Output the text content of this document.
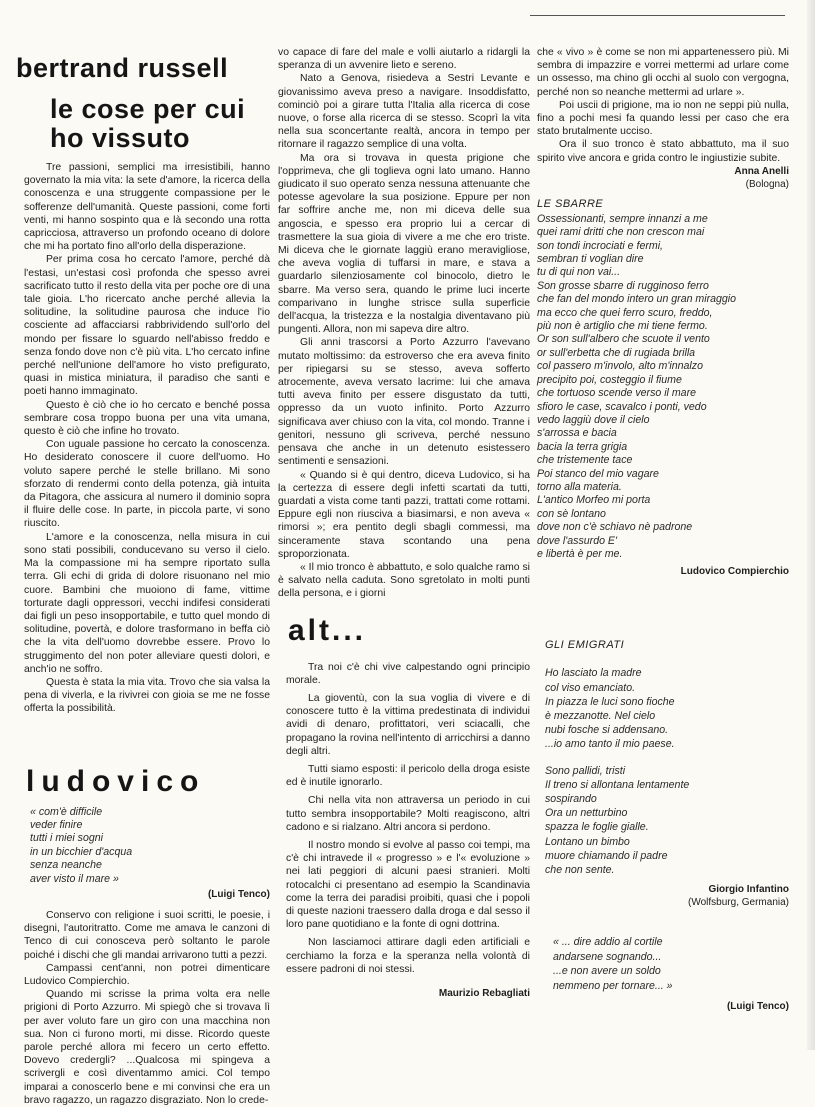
bertrand russell
le cose per cui
ho vissuto

Tre passioni, semplici ma irresistibili, hanno governato la mia vita: la sete d'amore, la ricerca della conoscenza e una struggente compassione per le sofferenze dell'umanità. Queste passioni, come forti venti, mi hanno sospinto qua e là secondo una rotta capricciosa, attraverso un profondo oceano di dolore che mi ha portato fino all'orlo della disperazione.

Per prima cosa ho cercato l'amore, perché dà l'estasi, un'estasi così profonda che spesso avrei sacrificato tutto il resto della vita per poche ore di una tale gioia. L'ho ricercato anche perché allevia la solitudine, la solitudine paurosa che induce l'io cosciente ad affacciarsi rabbrividendo sull'orlo del mondo per fissare lo sguardo nell'abisso freddo e senza fondo dove non c'è più vita. L'ho cercato infine perché nell'unione dell'amore ho visto prefigurato, quasi in mistica miniatura, il paradiso che santi e poeti hanno immaginato.

Questo è ciò che io ho cercato e benché possa sembrare cosa troppo buona per una vita umana, questo è ciò che infine ho trovato.

Con uguale passione ho cercato la conoscenza. Ho desiderato conoscere il cuore dell'uomo. Ho voluto sapere perché le stelle brillano. Mi sono sforzato di rendermi conto della potenza, già intuita da Pitagora, che assicura al numero il dominio sopra il fluire delle cose. In parte, in piccola parte, vi sono riuscito.

L'amore e la conoscenza, nella misura in cui sono stati possibili, conducevano su verso il cielo. Ma la compassione mi ha sempre riportato sulla terra. Gli echi di grida di dolore risuonano nel mio cuore. Bambini che muoiono di fame, vittime torturate dagli oppressori, vecchi indifesi considerati dai figli un peso insopportabile, e tutto quel mondo di solitudine, povertà, e dolore trasformano in beffa ciò che la vita dell'uomo dovrebbe essere. Provo lo struggimento del non poter alleviare questi dolori, e anch'io ne soffro.

Questa è stata la mia vita. Trovo che sia valsa la pena di viverla, e la rivivrei con gioia se me ne fosse offerta la possibilità.

ludovico
« com'è difficile
veder finire
tutti i miei sogni
in un bicchier d'acqua
senza neanche
aver visto il mare »
(Luigi Tenco)

Conservo con religione i suoi scritti, le poesie, i disegni, l'autoritratto. Come me amava le canzoni di Tenco di cui conosceva però soltanto le parole poiché i dischi che gli mandai arrivarono tutti a pezzi.

Campassi cent'anni, non potrei dimenticare Ludovico Compierchio.

Quando mi scrisse la prima volta era nelle prigioni di Porto Azzurro. Mi spiegò che si trovava lì per aver voluto fare un giro con una macchina non sua. Non ci furono morti, mi disse. Ricordo queste parole perché allora mi fecero un certo effetto. Dovevo credergli? ...Qualcosa mi spingeva a scrivergli e così diventammo amici. Col tempo imparai a conoscerlo bene e mi convinsi che era un bravo ragazzo, un ragazzo disgraziato. Non lo crede-

vo capace di fare del male e volli aiutarlo a ridargli la speranza di un avvenire lieto e sereno.

Nato a Genova, risiedeva a Sestri Levante e giovanissimo aveva preso a navigare. Insoddisfatto, cominciò poi a girare tutta l'Italia alla ricerca di cose nuove, o forse alla ricerca di se stesso. Scoprì la vita nella sua sconcertante realtà, ancora in tempo per ritornare il ragazzo semplice di una volta.

Ma ora si trovava in questa prigione che l'opprimeva, che gli toglieva ogni lato umano. Hanno giudicato il suo operato senza nessuna attenuante che potesse agevolare la sua posizione. Eppure per non far soffrire anche me, non mi diceva delle sua angoscia, e spesso era proprio lui a cercar di trasmettere la sua gioia di vivere a me che ero triste. Mi diceva che le giornate laggiù erano meravigliose, che aveva voglia di tuffarsi in mare, e stava a guardarlo silenziosamente col binocolo, dietro le sbarre. Ma verso sera, quando le prime luci incerte comparivano in lunghe strisce sulla superficie dell'acqua, la tristezza e la nostalgia diventavano più pungenti. Allora, non mi sapeva dire altro.

Gli anni trascorsi a Porto Azzurro l'avevano mutato moltissimo: da estroverso che era aveva finito per ripiegarsi su se stesso, aveva sofferto atrocemente, aveva versato lacrime: lui che amava tutti aveva finito per essere disgustato da tutti, oppresso da un vuoto infinito. Porto Azzurro significava aver chiuso con la vita, col mondo. Tranne i genitori, nessuno gli scriveva, perché nessuno pensava che anche in un detenuto esistessero sentimenti e sensazioni.

« Quando si è qui dentro, diceva Ludovico, si ha la certezza di essere degli infetti scartati da tutti, guardati a vista come tanti pazzi, trattati come rottami. Eppure egli non riusciva a biasimarsi, e non aveva « rimorsi »; era pentito degli sbagli commessi, ma sinceramente stava scontando una pena sproporzionata.

« Il mio tronco è abbattuto, e solo qualche ramo si è salvato nella caduta. Sono sgretolato in molti punti della persona, e i giorni

alt...

Tra noi c'è chi vive calpestando ogni principio morale.

La gioventù, con la sua voglia di vivere e di conoscere tutto è la vittima predestinata di individui avidi di denaro, profittatori, veri sciacalli, che propagano la rovina nell'intento di arricchirsi a danno degli altri.

Tutti siamo esposti: il pericolo della droga esiste ed è inutile ignorarlo.

Chi nella vita non attraversa un periodo in cui tutto sembra insopportabile? Molti reagiscono, altri cadono e si rialzano. Altri ancora si perdono.

Il nostro mondo si evolve al passo coi tempi, ma c'è chi intravede il « progresso » e l'« evoluzione » nei lati peggiori di alcuni paesi stranieri. Molti rotocalchi ci presentano ad esempio la Scandinavia come la terra dei paradisi proibiti, quasi che i popoli di queste nazioni traessero dalla droga e dal sesso il loro pane quotidiano e la fonte di ogni dottrina.

Non lasciamoci attirare dagli eden artificiali e cerchiamo la forza e la speranza nella volontà di essere padroni di noi stessi.

Maurizio Rebagliati

che « vivo » è come se non mi appartenessero più. Mi sembra di impazzire e vorrei mettermi ad urlare come un ossesso, ma chino gli occhi al suolo con vergogna, perché non so neanche mettermi ad urlare ».

Poi uscii di prigione, ma io non ne seppi più nulla, fino a pochi mesi fa quando lessi per caso che era stato brutalmente ucciso.

Ora il suo tronco è stato abbattuto, ma il suo spirito vive ancora e grida contro le ingiustizie subite.

Anna Anelli
(Bologna)
LE SBARRE
Ossessionanti, sempre innanzi a me
quei rami dritti che non crescon mai
son tondi incrociati e fermi,
sembran ti voglian dire
tu di qui non vai...
Son grosse sbarre di rugginoso ferro
che fan del mondo intero un gran miraggio
ma ecco che quei ferro scuro, freddo,
più non è artiglio che mi tiene fermo.
Or son sull'albero che scuote il vento
or sull'erbetta che di rugiada brilla
col passero m'involo, alto m'innalzo
precipito poi, costeggio il fiume
che tortuoso scende verso il mare
sfioro le case, scavalco i ponti, vedo
vedo laggiù dove il cielo
s'arrossa e bacia
bacia la terra grigia
che tristemente tace
Poi stanco del mio vagare
torno alla materia.
L'antico Morfeo mi porta
con sè lontano
dove non c'è schiavo nè padrone
dove l'assurdo E'
e libertà è per me.
Ludovico Compierchio
GLI EMIGRATI
Ho lasciato la madre
col viso emanciato.
In piazza le luci sono fioche
è mezzanotte. Nel cielo
nubi fosche si addensano.
...io amo tanto il mio paese.
Sono pallidi, tristi
Il treno si allontana lentamente
sospirando
Ora un netturbino
spazza le foglie gialle.
Lontano un bimbo
muore chiamando il padre
che non sente.
Giorgio Infantino
(Wolfsburg, Germania)
« ... dire addio al cortile
andarsene sognando...
...e non avere un soldo
nemmeno per tornare... »
(Luigi Tenco)
